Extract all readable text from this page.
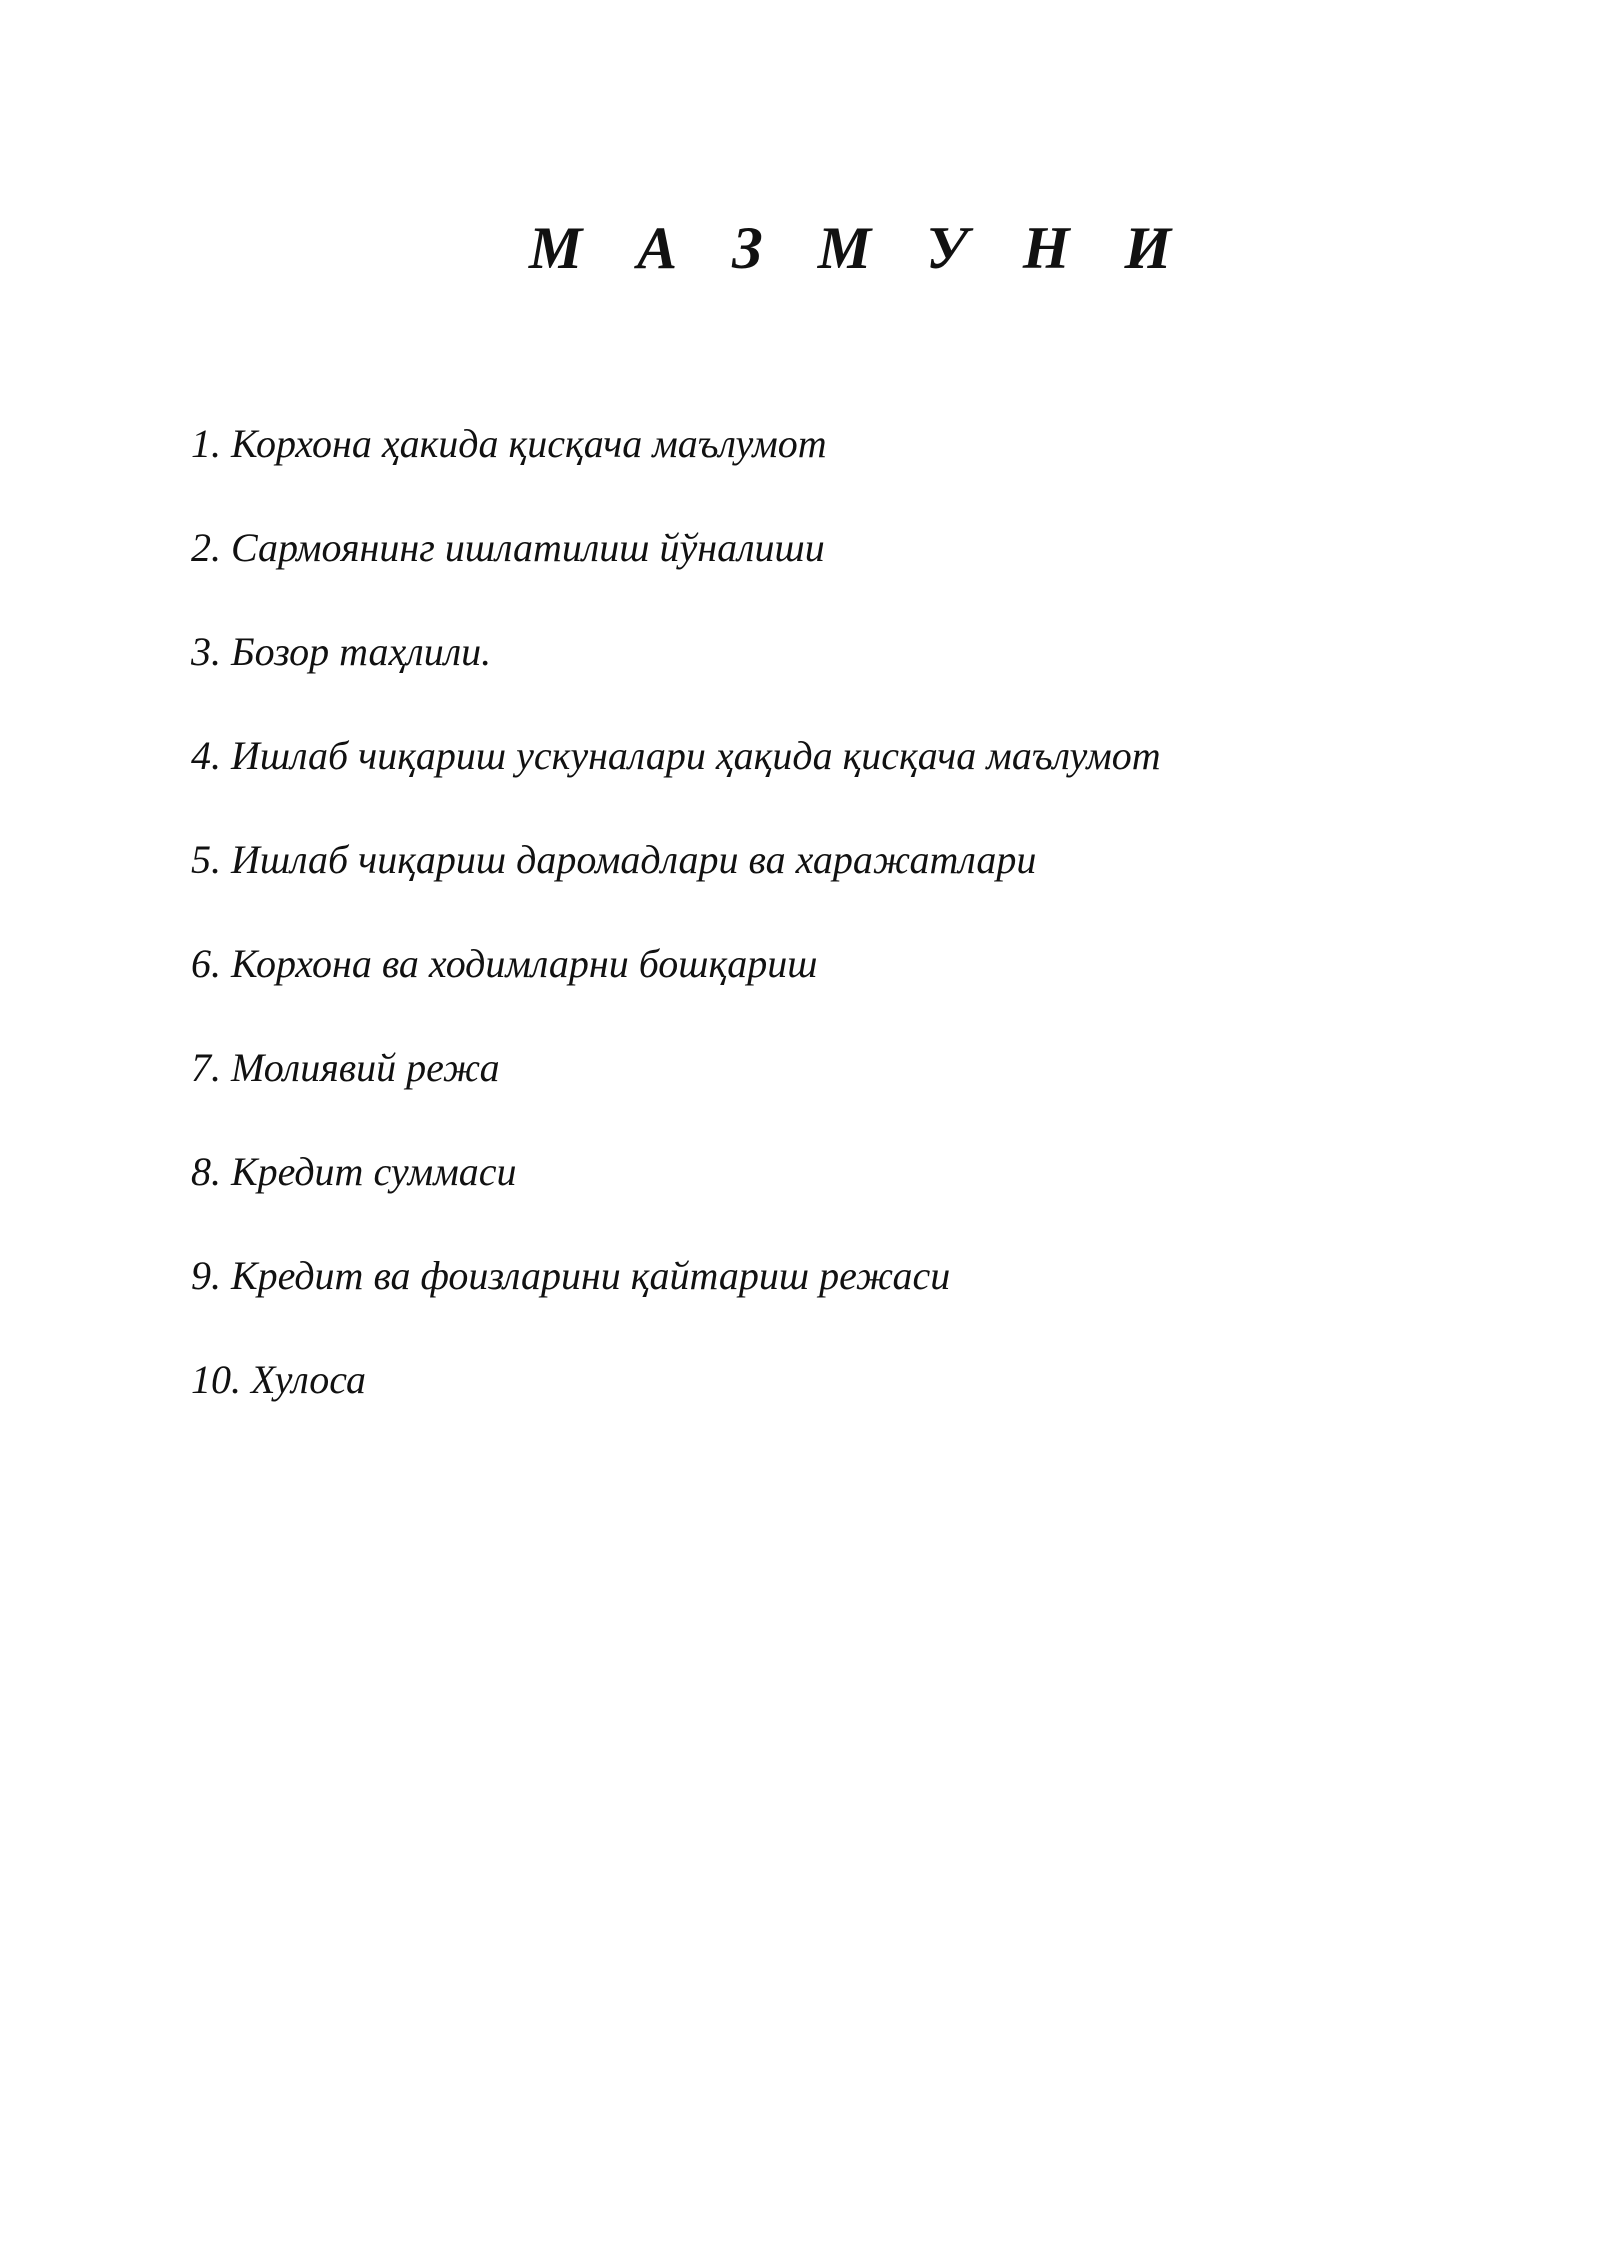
М А З М У Н И
1. Корхона ҳакида қисқача маълумот
2. Сармоянинг ишлатилиш йўналиши
3. Бозор таҳлили.
4. Ишлаб чиқариш ускуналари ҳақида қисқача маълумот
5. Ишлаб чиқариш даромадлари ва харажатлари
6. Корхона ва ходимларни бошқариш
7. Молиявий режа
8. Кредит суммаси
9. Кредит ва фоизларини қайтариш режаси
10. Хулоса
